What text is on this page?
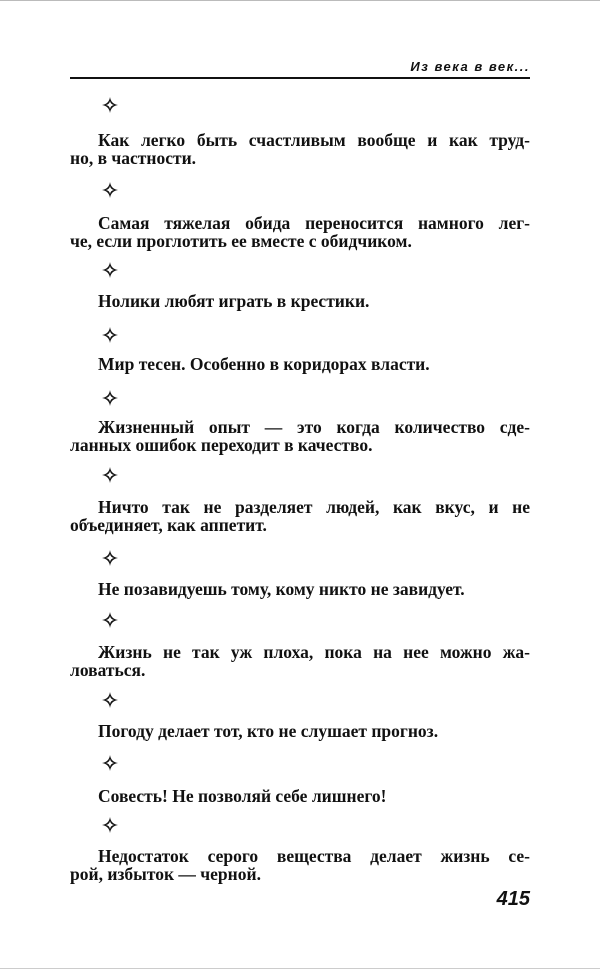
Из века в век...
Как легко быть счастливым вообще и как труд-
но, в частности.
Самая тяжелая обида переносится намного лег-
че, если проглотить ее вместе с обидчиком.
Нолики любят играть в крестики.
Мир тесен. Особенно в коридорах власти.
Жизненный опыт — это когда количество сде-
ланных ошибок переходит в качество.
Ничто так не разделяет людей, как вкус, и не
объединяет, как аппетит.
Не позавидуешь тому, кому никто не завидует.
Жизнь не так уж плоха, пока на нее можно жа-
ловаться.
Погоду делает тот, кто не слушает прогноз.
Совесть! Не позволяй себе лишнего!
Недостаток серого вещества делает жизнь се-
рой, избыток — черной.
415
